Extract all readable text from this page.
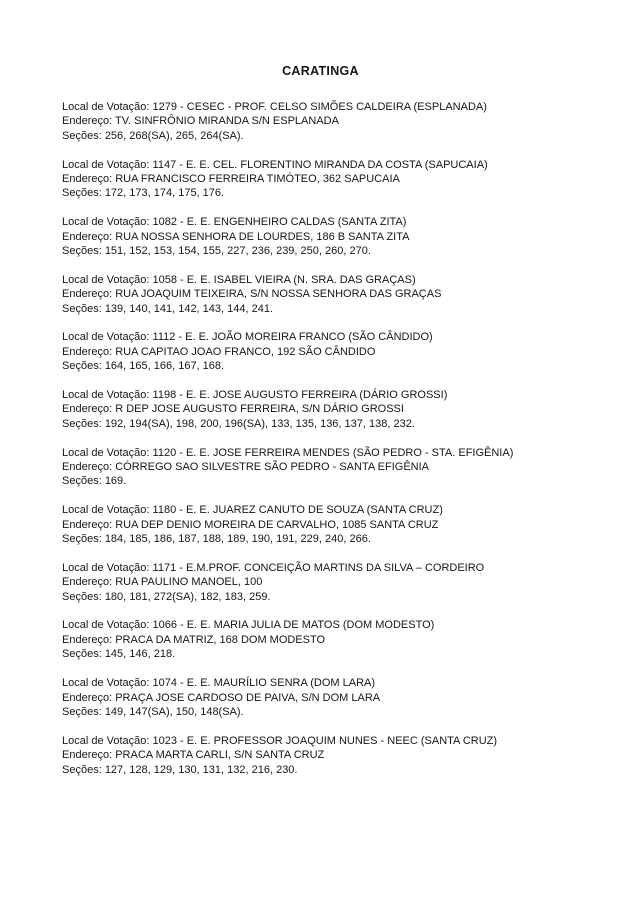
CARATINGA
Local de Votação: 1279 - CESEC - PROF. CELSO SIMÕES CALDEIRA (ESPLANADA)
Endereço: TV. SINFRÔNIO MIRANDA S/N ESPLANADA
Seções: 256, 268(SA), 265, 264(SA).
Local de Votação: 1147 - E. E. CEL. FLORENTINO MIRANDA DA COSTA (SAPUCAIA)
Endereço: RUA FRANCISCO FERREIRA TIMÓTEO, 362 SAPUCAIA
Seções: 172, 173, 174, 175, 176.
Local de Votação: 1082 - E. E. ENGENHEIRO CALDAS (SANTA ZITA)
Endereço: RUA NOSSA SENHORA DE LOURDES, 186 B SANTA ZITA
Seções: 151, 152, 153, 154, 155, 227, 236, 239, 250, 260, 270.
Local de Votação: 1058 - E. E. ISABEL VIEIRA (N. SRA. DAS GRAÇAS)
Endereço: RUA JOAQUIM TEIXEIRA, S/N NOSSA SENHORA DAS GRAÇAS
Seções: 139, 140, 141, 142, 143, 144, 241.
Local de Votação: 1112 - E. E. JOÃO MOREIRA FRANCO (SÃO CÂNDIDO)
Endereço: RUA CAPITAO JOAO FRANCO, 192 SÃO CÂNDIDO
Seções: 164, 165, 166, 167, 168.
Local de Votação: 1198 - E. E. JOSE AUGUSTO FERREIRA (DÁRIO GROSSI)
Endereço: R DEP JOSE AUGUSTO FERREIRA, S/N DÁRIO GROSSI
Seções: 192, 194(SA), 198, 200, 196(SA), 133, 135, 136, 137, 138, 232.
Local de Votação: 1120 - E. E. JOSE FERREIRA MENDES (SÃO PEDRO - STA. EFIGÊNIA)
Endereço: CÓRREGO SAO SILVESTRE SÃO PEDRO - SANTA EFIGÊNIA
Seções: 169.
Local de Votação: 1180 - E. E. JUAREZ CANUTO DE SOUZA (SANTA CRUZ)
Endereço: RUA DEP DENIO MOREIRA DE CARVALHO, 1085 SANTA CRUZ
Seções: 184, 185, 186, 187, 188, 189, 190, 191, 229, 240, 266.
Local de Votação: 1171 - E.M.PROF. CONCEIÇÃO MARTINS DA SILVA – CORDEIRO
Endereço: RUA PAULINO MANOEL, 100
Seções: 180, 181, 272(SA), 182, 183, 259.
Local de Votação: 1066 - E. E. MARIA JULIA DE MATOS (DOM MODESTO)
Endereço: PRACA DA MATRIZ, 168 DOM MODESTO
Seções: 145, 146, 218.
Local de Votação: 1074 - E. E. MAURÍLIO SENRA (DOM LARA)
Endereço: PRAÇA JOSE CARDOSO DE PAIVA, S/N DOM LARA
Seções: 149, 147(SA), 150, 148(SA).
Local de Votação: 1023 - E. E. PROFESSOR JOAQUIM NUNES - NEEC (SANTA CRUZ)
Endereço: PRACA MARTA CARLI, S/N SANTA CRUZ
Seções: 127, 128, 129, 130, 131, 132, 216, 230.
